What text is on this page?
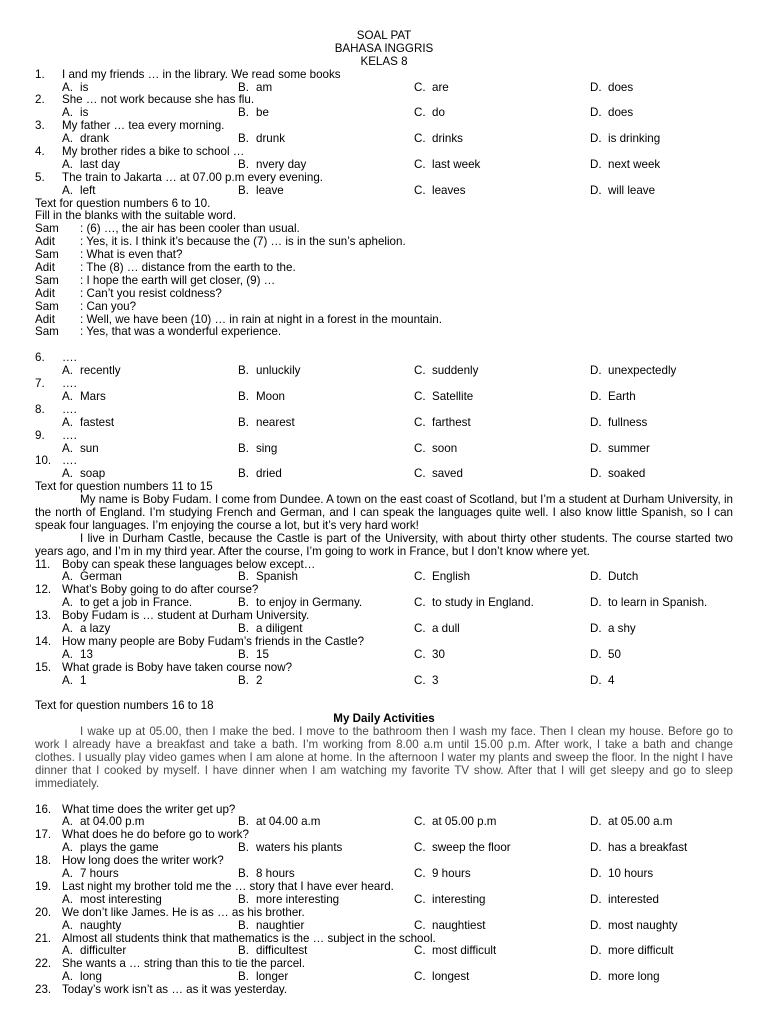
SOAL PAT
BAHASA INGGRIS
KELAS 8
1. I and my friends … in the library. We read some books
A. is	B. am	C. are	D. does
2. She … not work because she has flu.
A. is	B. be	C. do	D. does
3. My father … tea every morning.
A. drank	B. drunk	C. drinks	D. is drinking
4. My brother rides a bike to school …
A. last day	B. nvery day	C. last week	D. next week
5. The train to Jakarta … at 07.00 p.m every evening.
A. left	B. leave	C. leaves	D. will leave
Text for question numbers 6 to 10.
Fill in the blanks with the suitable word.
Sam : (6) …, the air has been cooler than usual.
Adit : Yes, it is. I think it’s because the (7) … is in the sun’s aphelion.
Sam : What is even that?
Adit : The (8) … distance from the earth to the.
Sam : I hope the earth will get closer, (9) …
Adit : Can’t you resist coldness?
Sam : Can you?
Adit : Well, we have been (10) … in rain at night in a forest in the mountain.
Sam : Yes, that was a wonderful experience.
6. ….
A. recently	B. unluckily	C. suddenly	D. unexpectedly
7. ….
A. Mars	B. Moon	C. Satellite	D. Earth
8. ….
A. fastest	B. nearest	C. farthest	D. fullness
9. ….
A. sun	B. sing	C. soon	D. summer
10. ….
A. soap	B. dried	C. saved	D. soaked
Text for question numbers 11 to 15
My name is Boby Fudam. I come from Dundee. A town on the east coast of Scotland, but I’m a student at Durham University, in the north of England. I’m studying French and German, and I can speak the languages quite well. I also know little Spanish, so I can speak four languages. I’m enjoying the course a lot, but it’s very hard work!
I live in Durham Castle, because the Castle is part of the University, with about thirty other students. The course started two years ago, and I’m in my third year. After the course, I’m going to work in France, but I don’t know where yet.
11. Boby can speak these languages below except…
A. German	B. Spanish	C. English	D. Dutch
12. What’s Boby going to do after course?
A. to get a job in France.	B. to enjoy in Germany.	C. to study in England.	D. to learn in Spanish.
13. Boby Fudam is … student at Durham University.
A. a lazy	B. a diligent	C. a dull	D. a shy
14. How many people are Boby Fudam’s friends in the Castle?
A. 13	B. 15	C. 30	D. 50
15. What grade is Boby have taken course now?
A. 1	B. 2	C. 3	D. 4
Text for question numbers 16 to 18
My Daily Activities
I wake up at 05.00, then I make the bed. I move to the bathroom then I wash my face. Then I clean my house. Before go to work I already have a breakfast and take a bath. I’m working from 8.00 a.m until 15.00 p.m. After work, I take a bath and change clothes. I usually play video games when I am alone at home. In the afternoon I water my plants and sweep the floor. In the night I have dinner that I cooked by myself. I have dinner when I am watching my favorite TV show. After that I will get sleepy and go to sleep immediately.
16. What time does the writer get up?
A. at 04.00 p.m	B. at 04.00 a.m	C. at 05.00 p.m	D. at 05.00 a.m
17. What does he do before go to work?
A. plays the game	B. waters his plants	C. sweep the floor	D. has a breakfast
18. How long does the writer work?
A. 7 hours	B. 8 hours	C. 9 hours	D. 10 hours
19. Last night my brother told me the … story that I have ever heard.
A. most interesting	B. more interesting	C. interesting	D. interested
20. We don’t like James. He is as … as his brother.
A. naughty	B. naughtier	C. naughtiest	D. most naughty
21. Almost all students think that mathematics is the … subject in the school.
A. difficulter	B. difficultest	C. most difficult	D. more difficult
22. She wants a … string than this to tie the parcel.
A. long	B. longer	C. longest	D. more long
23. Today’s work isn’t as … as it was yesterday.
